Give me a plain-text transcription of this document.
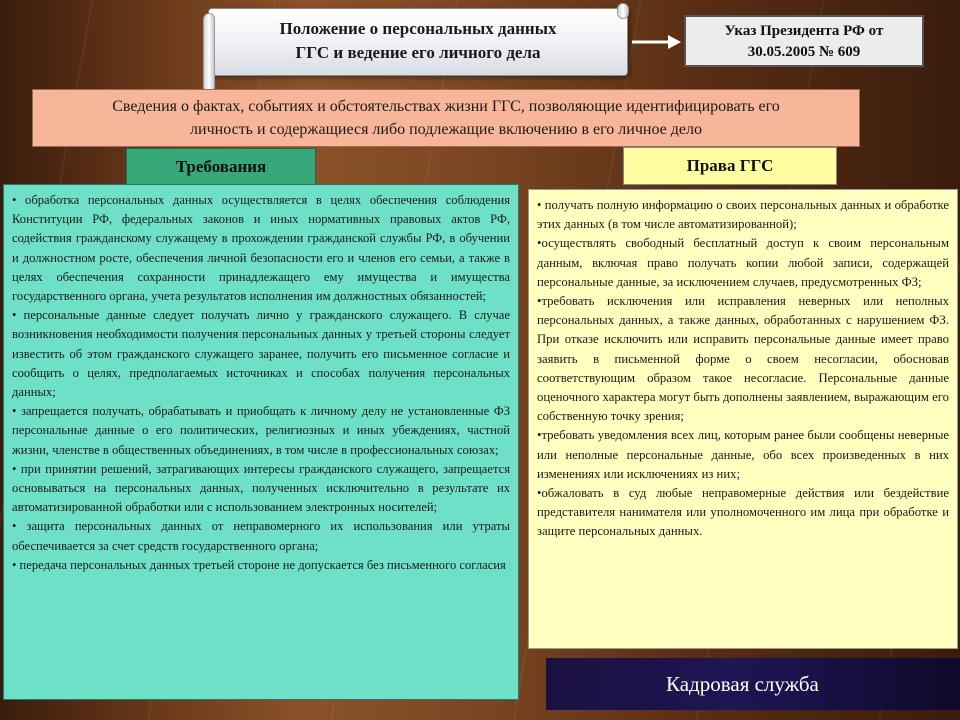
Положение о персональных данных
ГГС и ведение его личного дела
Указ Президента РФ от
30.05.2005 № 609
Сведения о фактах, событиях и обстоятельствах жизни ГГС, позволяющие идентифицировать его
личность и содержащиеся либо подлежащие включению в его личное дело
Требования	Права ГГС

• обработка персональных данных осуществляется в целях обеспечения соблюдения Конституции РФ, федеральных законов и иных нормативных правовых актов РФ, содействия гражданскому служащему в прохождении гражданской службы РФ, в обучении и должностном росте, обеспечения личной безопасности его и членов его семьи, а также в целях обеспечения сохранности принадлежащего ему имущества и имущества государственного органа, учета результатов исполнения им должностных обязанностей;

• персональные данные следует получать лично у гражданского служащего. В случае возникновения необходимости получения персональных данных у третьей стороны следует известить об этом гражданского служащего заранее, получить его письменное согласие и сообщить о целях, предполагаемых источниках и способах получения персональных данных;

• запрещается получать, обрабатывать и приобщать к личному делу не установленные ФЗ персональные данные о его политических, религиозных и иных убеждениях, частной жизни, членстве в общественных объединениях, в том числе в профессиональных союзах;

• при принятии решений, затрагивающих интересы гражданского служащего, запрещается основываться на персональных данных, полученных исключительно в результате их автоматизированной обработки или с использованием электронных носителей;

• защита персональных данных от неправомерного их использования или утраты обеспечивается за счет средств государственного органа;

• передача персональных данных третьей стороне не допускается без письменного согласия

• получать полную информацию о своих персональных данных и обработке этих данных (в том числе автоматизированной);

•осуществлять свободный бесплатный доступ к своим персональным данным, включая право получать копии любой записи, содержащей персональные данные, за исключением случаев, предусмотренных ФЗ;

•требовать исключения или исправления неверных или неполных персональных данных, а также данных, обработанных с нарушением ФЗ. При отказе исключить или исправить персональные данные имеет право заявить в письменной форме о своем несогласии, обосновав соответствующим образом такое несогласие. Персональные данные оценочного характера могут быть дополнены заявлением, выражающим его собственную точку зрения;

•требовать уведомления всех лиц, которым ранее были сообщены неверные или неполные персональные данные, обо всех произведенных в них изменениях или исключениях из них;

•обжаловать в суд любые неправомерные действия или бездействие представителя нанимателя или уполномоченного им лица при обработке и защите персональных данных.

Кадровая служба
